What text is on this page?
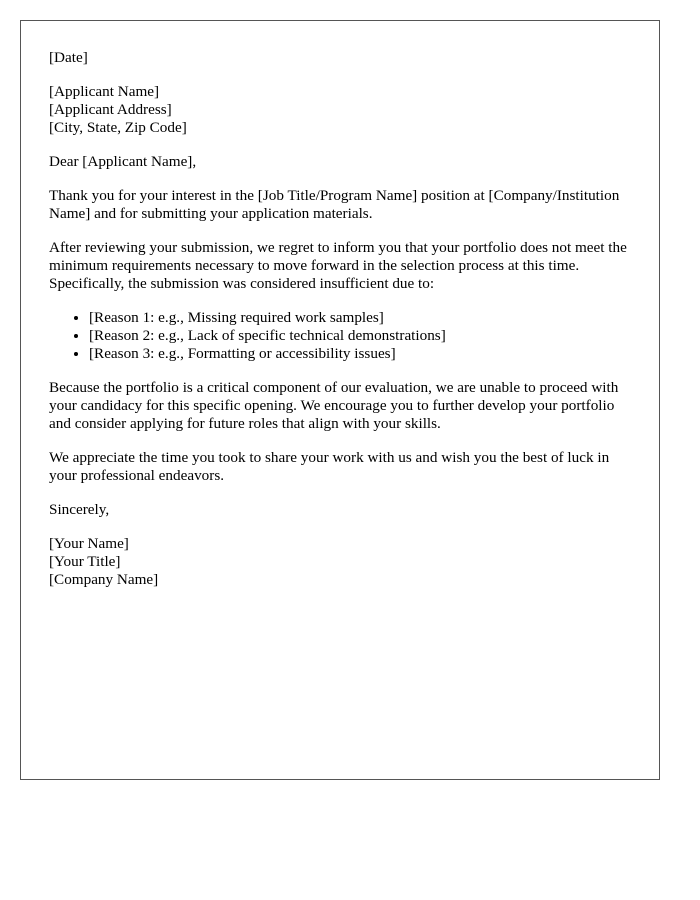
[Date]

[Applicant Name]
[Applicant Address]
[City, State, Zip Code]

Dear [Applicant Name],

Thank you for your interest in the [Job Title/Program Name] position at [Company/Institution Name] and for submitting your application materials.

After reviewing your submission, we regret to inform you that your portfolio does not meet the minimum requirements necessary to move forward in the selection process at this time. Specifically, the submission was considered insufficient due to:

• [Reason 1: e.g., Missing required work samples]
• [Reason 2: e.g., Lack of specific technical demonstrations]
• [Reason 3: e.g., Formatting or accessibility issues]

Because the portfolio is a critical component of our evaluation, we are unable to proceed with your candidacy for this specific opening. We encourage you to further develop your portfolio and consider applying for future roles that align with your skills.

We appreciate the time you took to share your work with us and wish you the best of luck in your professional endeavors.

Sincerely,

[Your Name]
[Your Title]
[Company Name]
